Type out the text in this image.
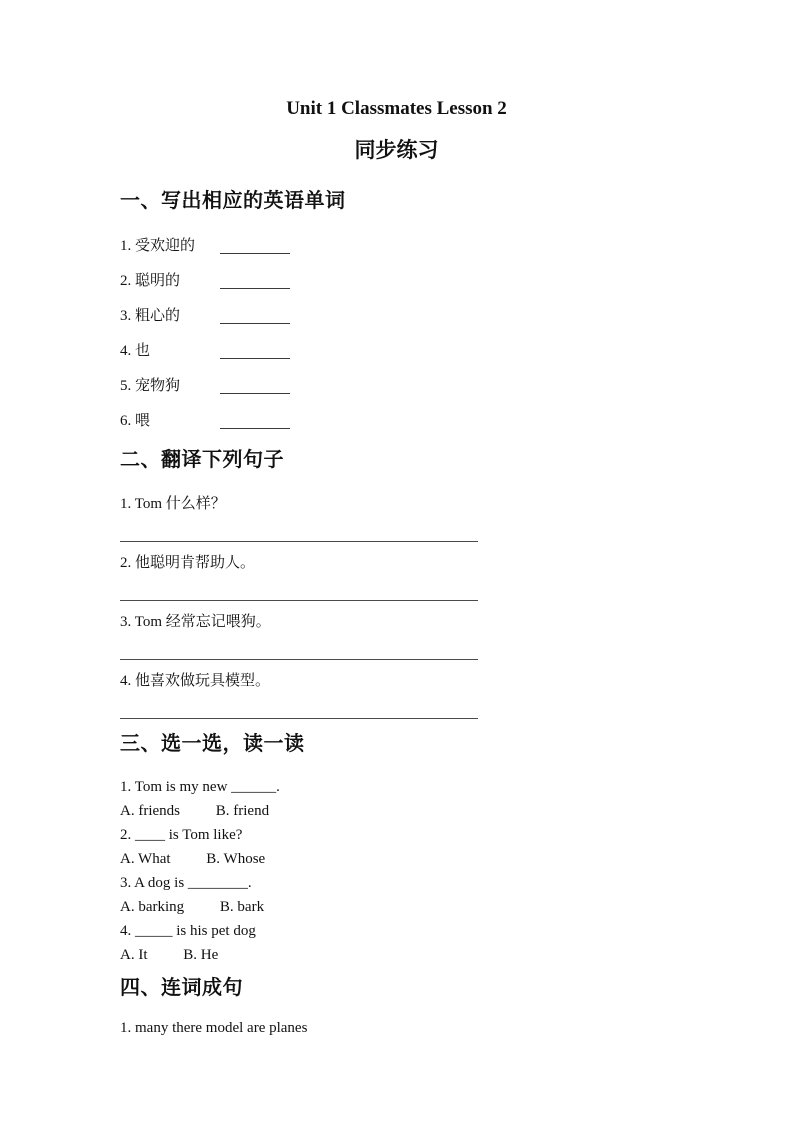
Unit 1 Classmates Lesson 2
同步练习
一、写出相应的英语单词
1. 受欢迎的
2. 聪明的
3. 粗心的
4. 也
5. 宠物狗
6. 喂
二、翻译下列句子
1. Tom 什么样？
2. 他聪明肯帮助人。
3. Tom 经常忘记喂狗。
4. 他喜欢做玩具模型。
三、选一选，读一读
1. Tom is my new ______.
A. friends B. friend
2. ____ is Tom like?
A. What B. Whose
3. A dog is ________.
A. barking B. bark
4. _____ is his pet dog
A. It B. He
四、连词成句
1. many there model are planes
